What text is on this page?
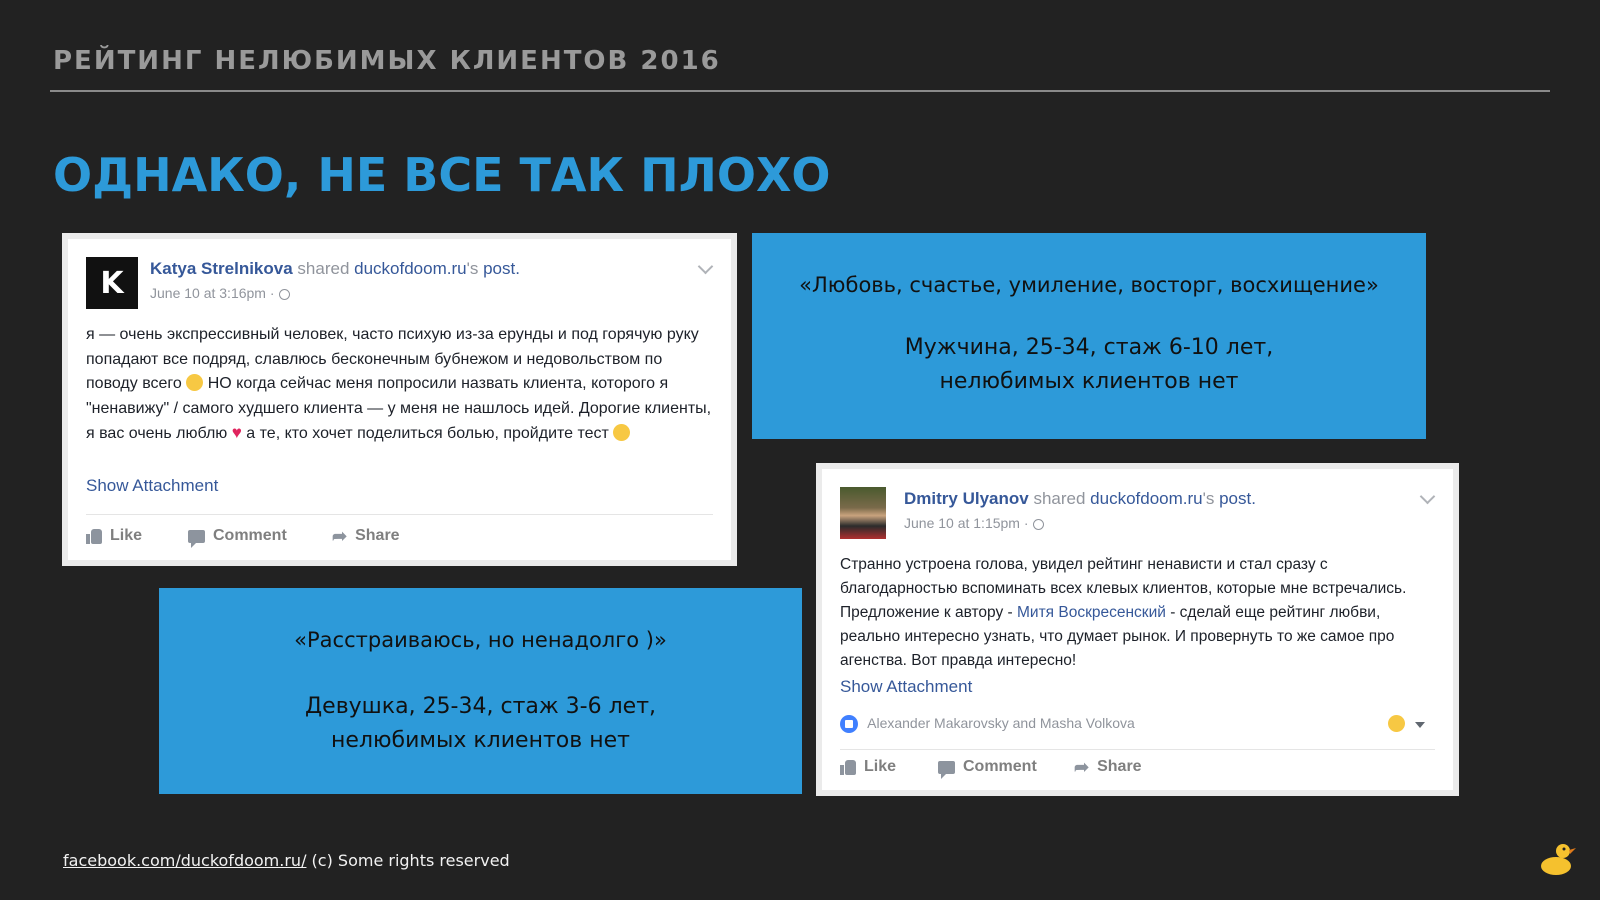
РЕЙТИНГ НЕЛЮБИМЫХ КЛИЕНТОВ 2016
ОДНАКО, НЕ ВСЕ ТАК ПЛОХО
K	Katya Strelnikova shared duckofdoom.ru's post.
June 10 at 3:16pm ·
я — очень экспрессивный человек, часто психую из-за ерунды и под горячую руку попадают все подряд, славлюсь бесконечным бубнежом и недовольством по поводу всего НО когда сейчас меня попросили назвать клиента, которого я "ненавижу" / самого худшего клиента — у меня не нашлось идей. Дорогие клиенты, я вас очень люблю ♥ а те, кто хочет поделиться болью, пройдите тест
Show Attachment
Like	Comment	➦ Share
«Любовь, счастье, умиление, восторг, восхищение»
Мужчина, 25-34, стаж 6-10 лет,
нелюбимых клиентов нет
«Расстраиваюсь, но ненадолго )»
Девушка, 25-34, стаж 3-6 лет,
нелюбимых клиентов нет
Dmitry Ulyanov shared duckofdoom.ru's post.
June 10 at 1:15pm ·
Странно устроена голова, увидел рейтинг ненависти и стал сразу с благодарностью вспоминать всех клевых клиентов, которые мне встречались. Предложение к автору - Митя Воскресенский - сделай еще рейтинг любви, реально интересно узнать, что думает рынок. И провернуть то же самое про агенства. Вот правда интересно!
Show Attachment
Alexander Makarovsky and Masha Volkova
Like	Comment ➦ Share
facebook.com/duckofdoom.ru/ (c) Some rights reserved
